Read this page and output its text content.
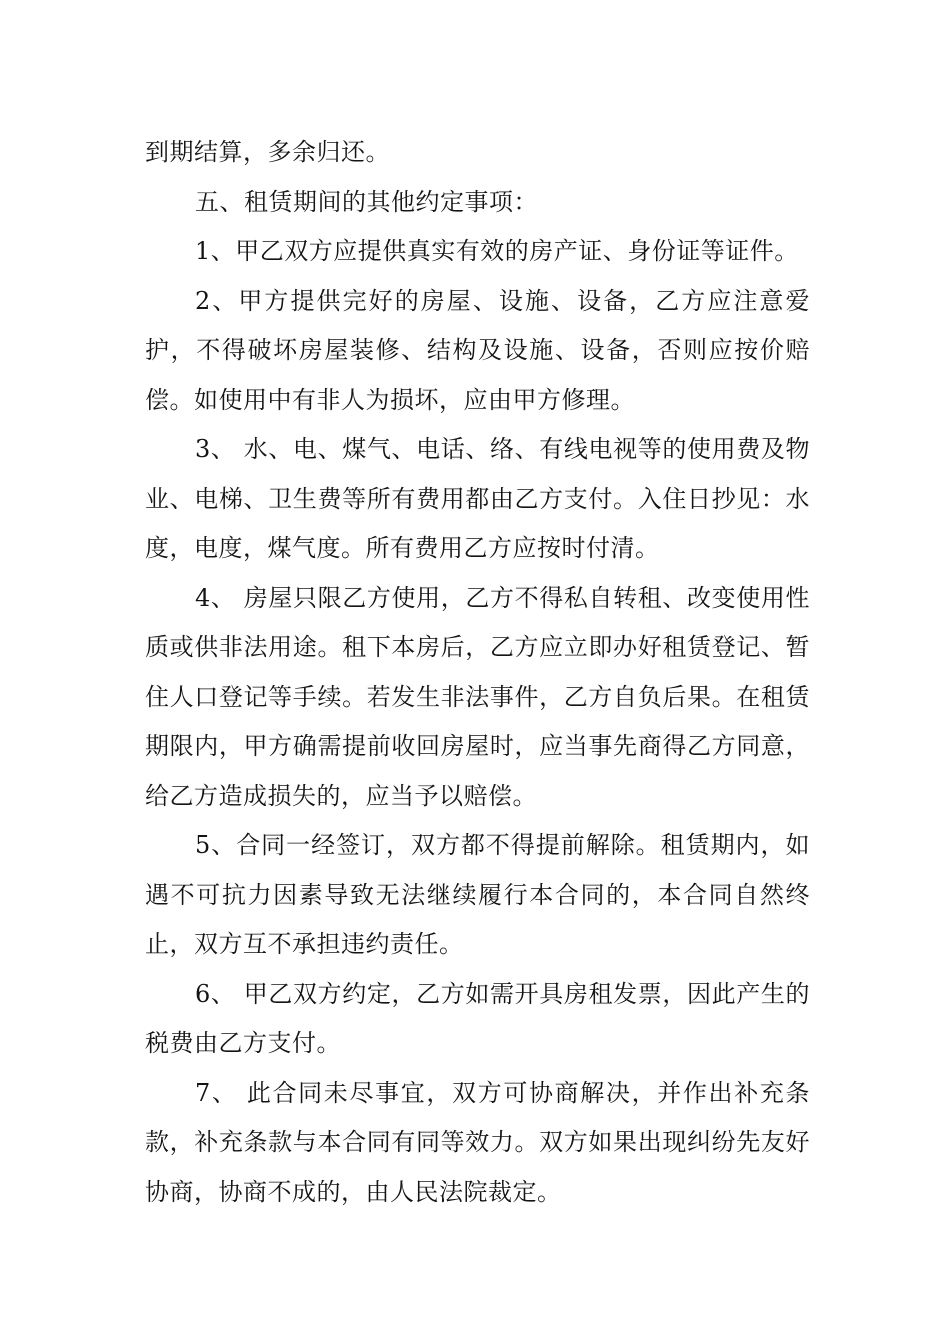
到期结算，多余归还。

五、租赁期间的其他约定事项：

1、甲乙双方应提供真实有效的房产证、身份证等证件。

2、甲方提供完好的房屋、设施、设备，乙方应注意爱护，不得破坏房屋装修、结构及设施、设备，否则应按价赔偿。如使用中有非人为损坏，应由甲方修理。

3、 水、电、煤气、电话、络、有线电视等的使用费及物业、电梯、卫生费等所有费用都由乙方支付。入住日抄见：水度，电度，煤气度。所有费用乙方应按时付清。

4、 房屋只限乙方使用，乙方不得私自转租、改变使用性质或供非法用途。租下本房后，乙方应立即办好租赁登记、暂住人口登记等手续。若发生非法事件，乙方自负后果。在租赁期限内，甲方确需提前收回房屋时，应当事先商得乙方同意，给乙方造成损失的，应当予以赔偿。

5、合同一经签订，双方都不得提前解除。租赁期内，如遇不可抗力因素导致无法继续履行本合同的，本合同自然终止，双方互不承担违约责任。

6、 甲乙双方约定，乙方如需开具房租发票，因此产生的税费由乙方支付。

7、 此合同未尽事宜，双方可协商解决，并作出补充条款，补充条款与本合同有同等效力。双方如果出现纠纷先友好协商，协商不成的，由人民法院裁定。
